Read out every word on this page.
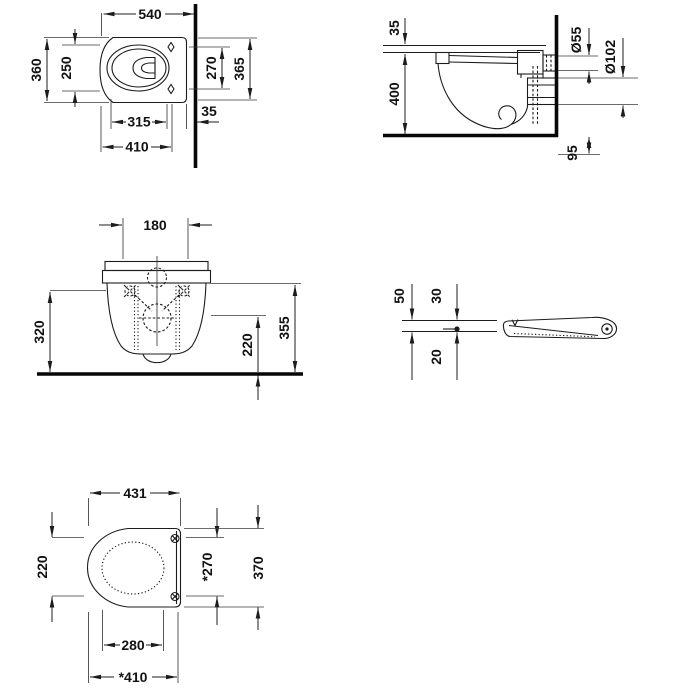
540
360 250	270 365
315
35
410
35
400
Ø55 Ø102
95
180
320	355
220
50 30
20
431
220	*270	370
280
*410
